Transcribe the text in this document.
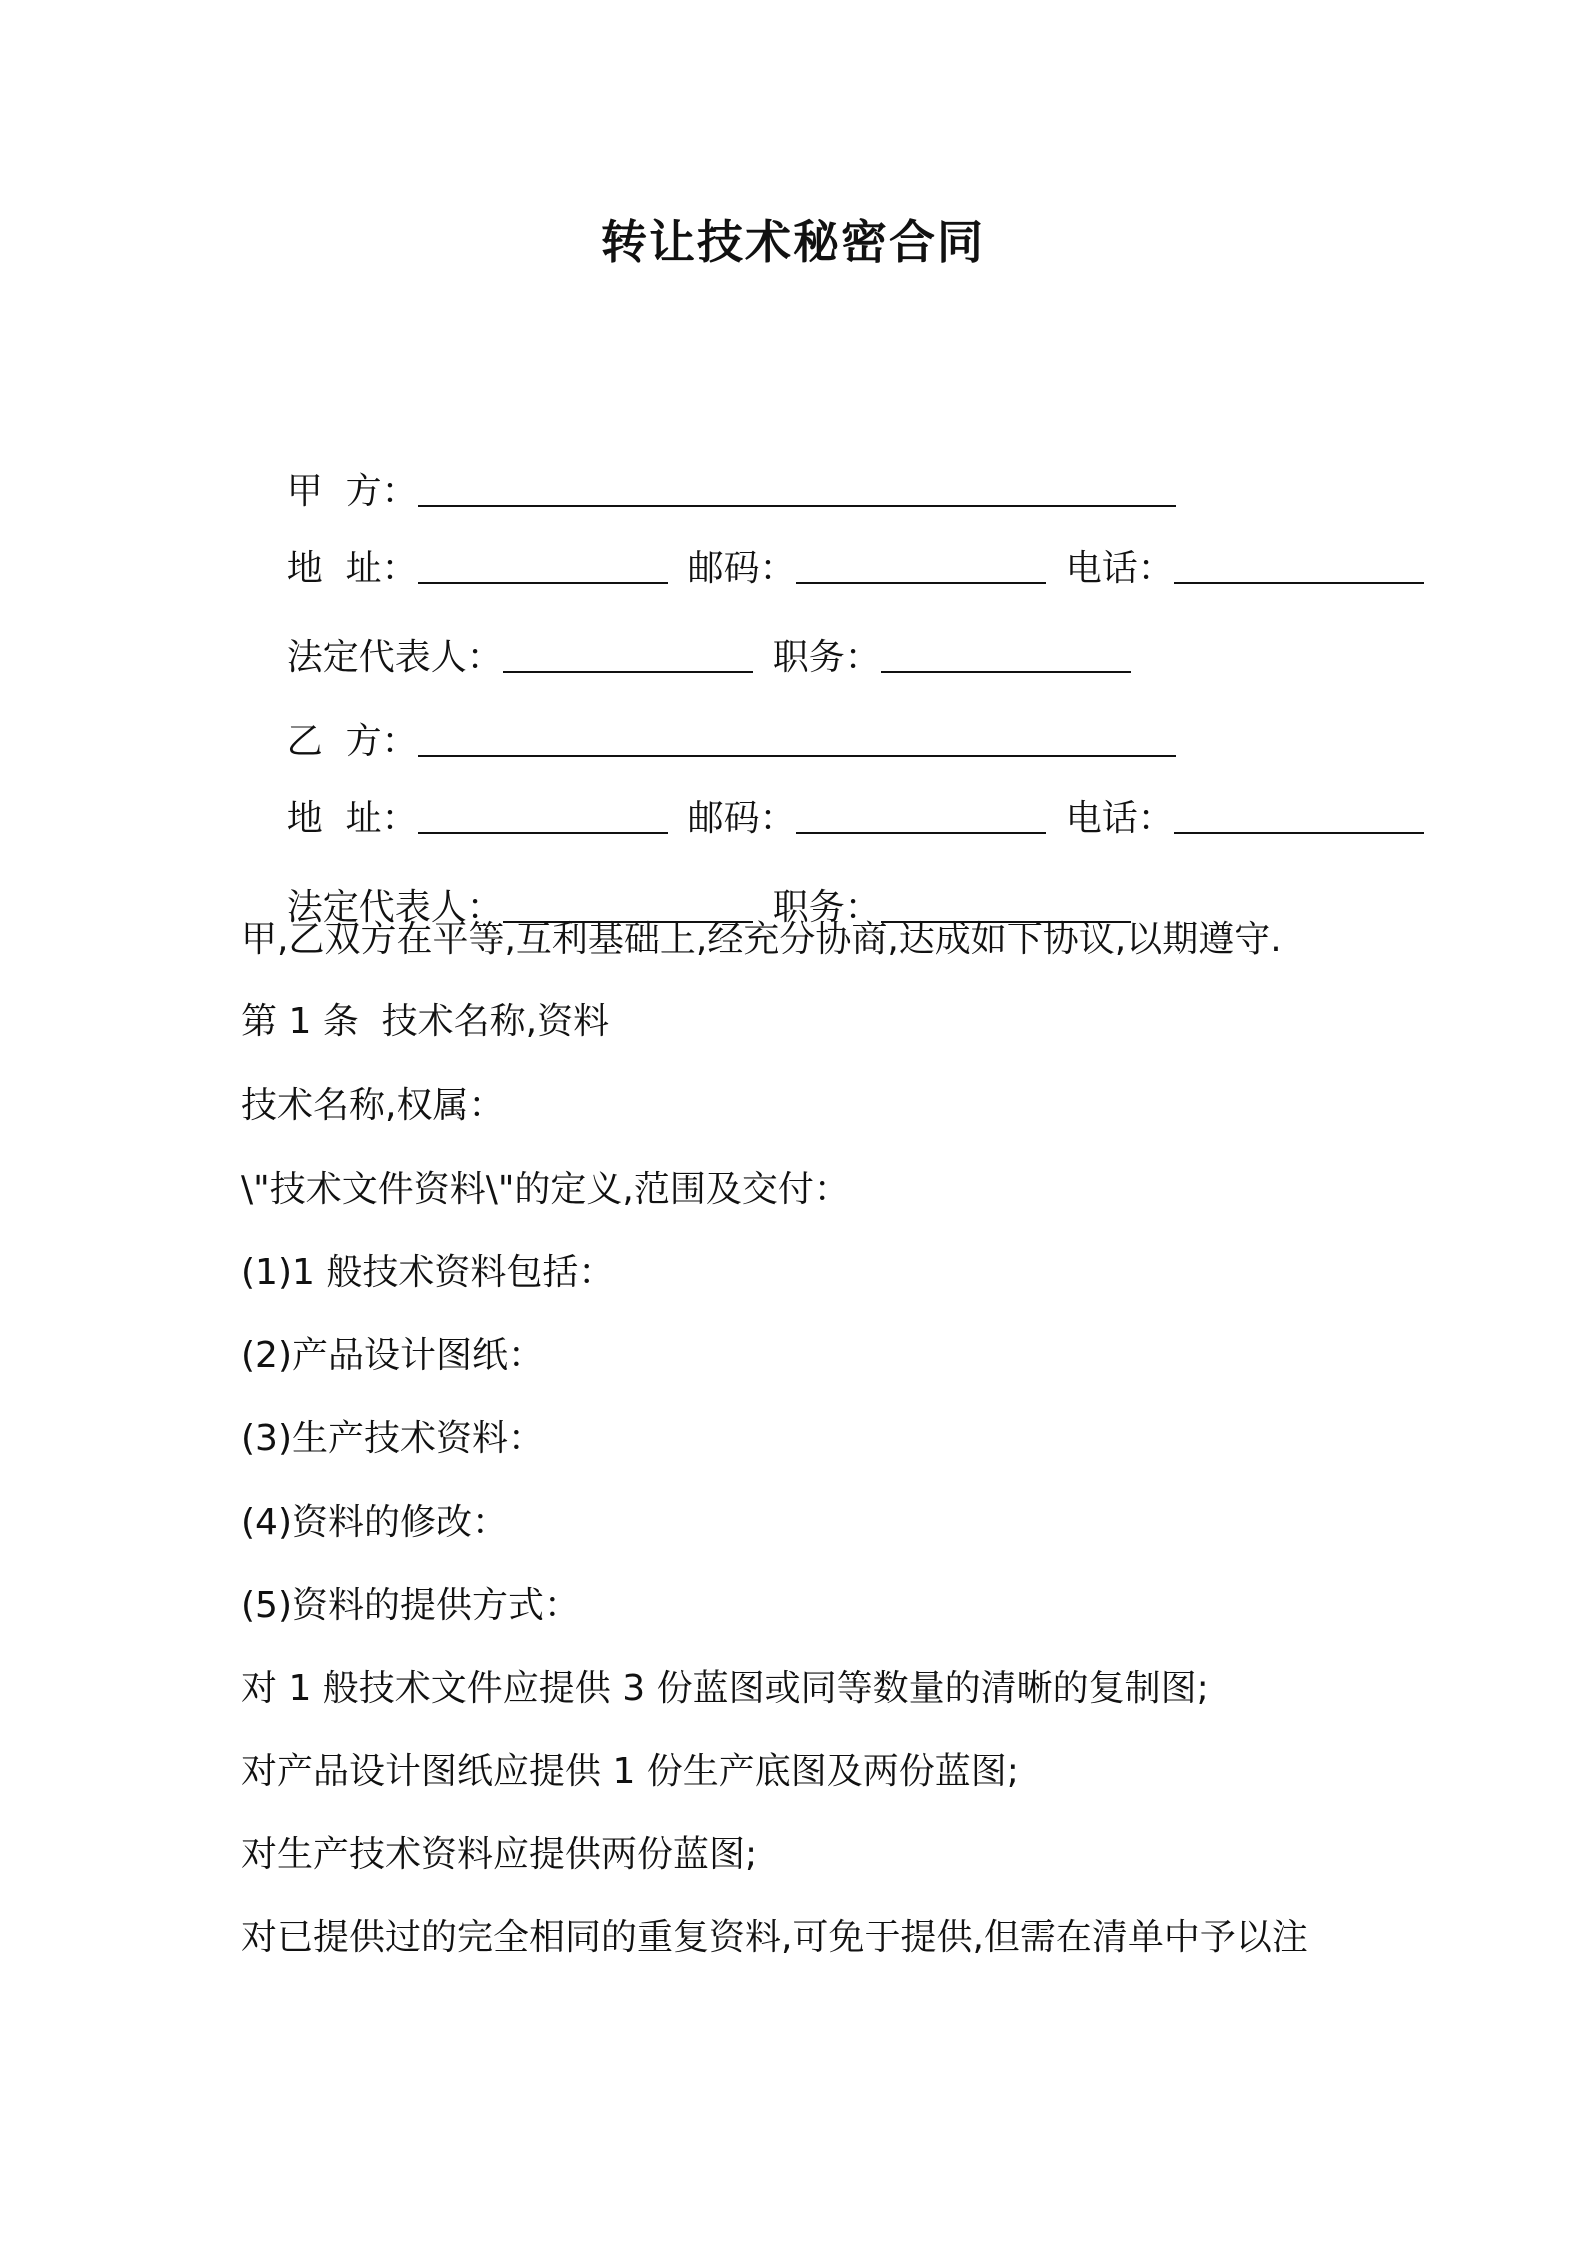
转让技术秘密合同

甲  方：

地  址：	邮码：	电话：

法定代表人：	职务：

乙  方：

地  址：	邮码：	电话：

法定代表人：	职务：

甲,乙双方在平等,互利基础上,经充分协商,达成如下协议,以期遵守.
第 1 条  技术名称,资料
技术名称,权属：
\"技术文件资料\"的定义,范围及交付：
(1)1 般技术资料包括：
(2)产品设计图纸：
(3)生产技术资料：
(4)资料的修改：
(5)资料的提供方式：
对 1 般技术文件应提供 3 份蓝图或同等数量的清晰的复制图;
对产品设计图纸应提供 1 份生产底图及两份蓝图;
对生产技术资料应提供两份蓝图;
对已提供过的完全相同的重复资料,可免于提供,但需在清单中予以注
